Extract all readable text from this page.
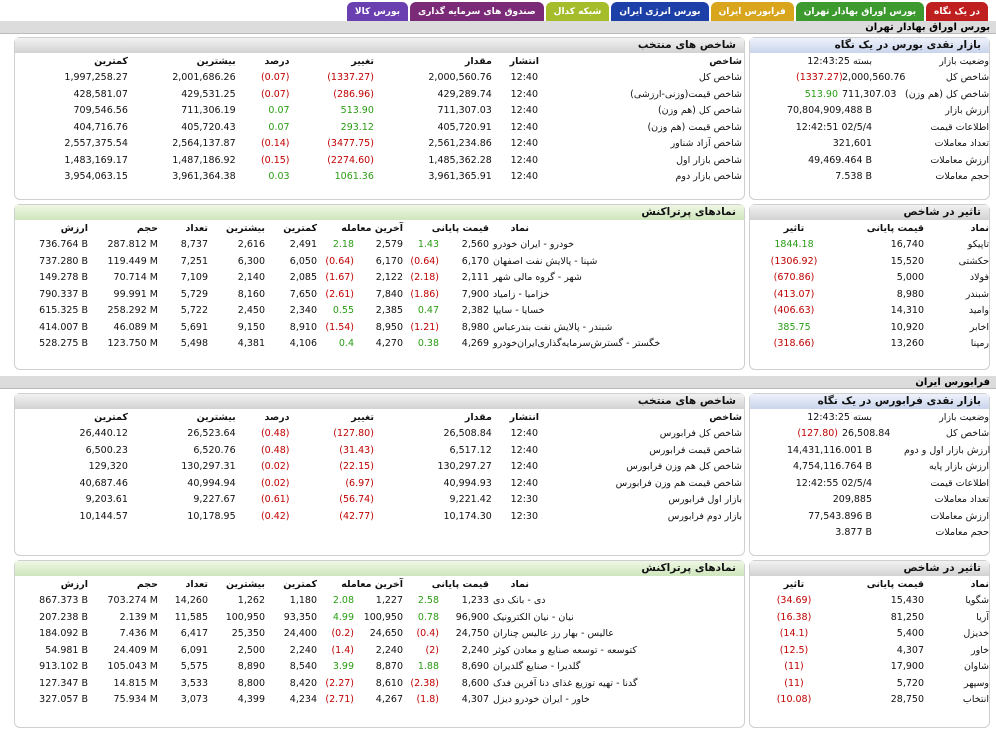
در یک نگاه
بورس اوراق بهادار تهران
فرابورس ایران
بورس انرژی ایران
شبکه کدال
صندوق های سرمایه گذاری
بورس کالا
بورس اوراق بهادار تهران
فرابورس ایران
بازار نقدی بورس در یک نگاه
12:43:25 بسته			وضعیت بازار
	(1337.27)	2,000,560.76	شاخص کل
	513.90	711,307.03	شاخص کل (هم وزن)
70,804,909,488 B			ارزش بازار
12:42:51 02/5/4			اطلاعات قیمت
321,601			تعداد معاملات
49,469.464 B			ارزش معاملات
7.538 B			حجم معاملات
شاخص های منتخب
کمترین	بیشترین	درصد	تغییر	مقدار	انتشار	شاخص
1,997,258.27	2,001,686.26	(0.07)	(1337.27)	2,000,560.76	12:40	شاخص کل
428,581.07	429,531.25	(0.07)	(286.96)	429,289.74	12:40	شاخص قیمت(وزنی-ارزشی)
709,546.56	711,306.19	0.07	513.90	711,307.03	12:40	شاخص کل (هم وزن)
404,716.76	405,720.43	0.07	293.12	405,720.91	12:40	شاخص قیمت (هم وزن)
2,557,375.54	2,564,137.87	(0.14)	(3477.75)	2,561,234.86	12:40	شاخص آزاد شناور
1,483,169.17	1,487,186.92	(0.15)	(2274.60)	1,485,362.28	12:40	شاخص بازار اول
3,954,063.15	3,961,364.38	0.03	1061.36	3,961,365.91	12:40	شاخص بازار دوم
تاثیر در شاخص
تاثیر	قیمت پایانی	نماد
1844.18	16,740	تاپیکو
(1306.92)	15,520	حکشتی
(670.86)	5,000	فولاد
(413.07)	8,980	شبندر
(406.63)	14,310	وامید
385.75	10,920	اخابر
(318.66)	13,260	رمپنا
نمادهای پرتراکنش
ارزش	حجم	تعداد	بیشترین	کمترین	آخرین معامله		قیمت پایانی		نماد
736.764 B	287.812 M	8,737	2,616	2,491	2.18	2,579	1.43	2,560	خودرو - ایران خودرو
737.280 B	119.449 M	7,251	6,300	6,050	(0.64)	6,170	(0.64)	6,170	شپنا - پالایش نفت اصفهان
149.278 B	70.714 M	7,109	2,140	2,085	(1.67)	2,122	(2.18)	2,111	شهر - گروه مالی شهر
790.337 B	99.991 M	5,729	8,160	7,650	(2.61)	7,840	(1.86)	7,900	خزامیا - زامیاد
615.325 B	258.292 M	5,722	2,450	2,340	0.55	2,385	0.47	2,382	خسایا - سایپا
414.007 B	46.089 M	5,691	9,150	8,910	(1.54)	8,950	(1.21)	8,980	شبندر - پالایش نفت بندرعباس
528.275 B	123.750 M	5,498	4,381	4,106	0.4	4,270	0.38	4,269	خگستر - گسترش‌سرمایه‌گذاری‌ایران‌خودرو
بازار نقدی فرابورس در یک نگاه
12:43:25 بسته			وضعیت بازار
	(127.80)	26,508.84	شاخص کل
14,431,116.001 B			ارزش بازار اول و دوم
4,754,116.764 B			ارزش بازار پایه
12:42:55 02/5/4			اطلاعات قیمت
209,885			تعداد معاملات
77,543.896 B			ارزش معاملات
3.877 B			حجم معاملات
شاخص های منتخب
کمترین	بیشترین	درصد	تغییر	مقدار	انتشار	شاخص
26,440.12	26,523.64	(0.48)	(127.80)	26,508.84	12:40	شاخص کل فرابورس
6,500.23	6,520.76	(0.48)	(31.43)	6,517.12	12:40	شاخص قیمت فرابورس
129,320	130,297.31	(0.02)	(22.15)	130,297.27	12:40	شاخص کل هم وزن فرابورس
40,687.46	40,994.94	(0.02)	(6.97)	40,994.93	12:40	شاخص قیمت هم وزن فرابورس
9,203.61	9,227.67	(0.61)	(56.74)	9,221.42	12:30	بازار اول فرابورس
10,144.57	10,178.95	(0.42)	(42.77)	10,174.30	12:30	بازار دوم فرابورس
تاثیر در شاخص
تاثیر	قیمت پایانی	نماد
(34.69)	15,430	شگویا
(16.38)	81,250	آریا
(14.1)	5,400	خدیزل
(12.5)	4,307	خاور
(11)	17,900	شاوان
(11)	5,720	وسپهر
(10.08)	28,750	انتخاب
نمادهای پرتراکنش
ارزش	حجم	تعداد	بیشترین	کمترین	آخرین معامله		قیمت پایانی		نماد
867.373 B	703.274 M	14,260	1,262	1,180	2.08	1,227	2.58	1,233	دی - بانک دی
207.238 B	2.139 M	11,585	100,950	93,350	4.99	100,950	0.78	96,900	نیان - نیان الکترونیک
184.092 B	7.436 M	6,417	25,350	24,400	(0.2)	24,650	(0.4)	24,750	عالیس - بهار رز عالیس چناران
54.981 B	24.409 M	6,091	2,500	2,240	(1.4)	2,240	(2)	2,240	کتوسعه - توسعه صنایع و معادن کوثر
913.102 B	105.043 M	5,575	8,890	8,540	3.99	8,870	1.88	8,690	گلدیرا - صنایع گلدیران
127.347 B	14.815 M	3,533	8,800	8,420	(2.27)	8,610	(2.38)	8,600	گدنا - تهیه توزیع غذای دنا آفرین فدک
327.057 B	75.934 M	3,073	4,399	4,234	(2.71)	4,267	(1.8)	4,307	خاور - ایران خودرو دیزل
